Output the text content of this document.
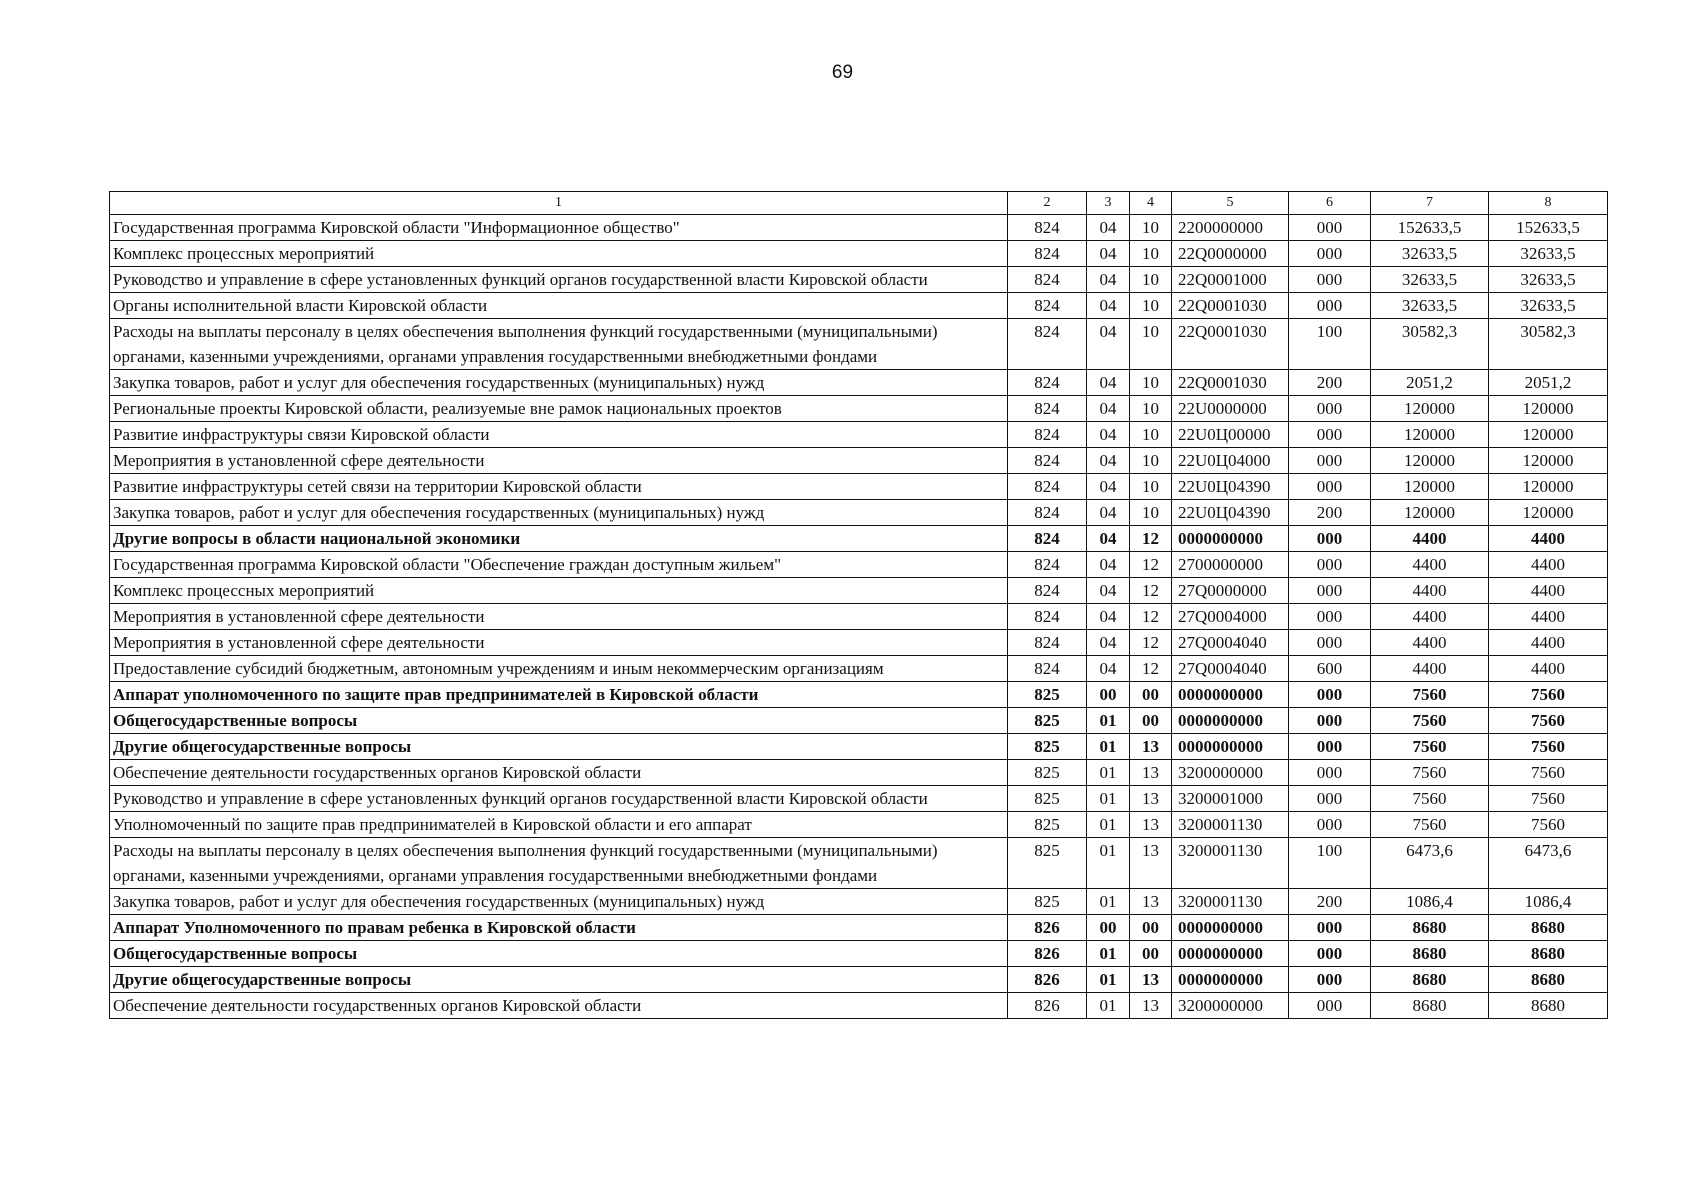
69
1	2	3	4	5	6	7	8
Государственная программа Кировской области "Информационное общество"	824	04	10	2200000000	000	152633,5	152633,5
Комплекс процессных мероприятий	824	04	10	22Q0000000	000	32633,5	32633,5
Руководство и управление в сфере установленных функций органов государственной власти Кировской области	824	04	10	22Q0001000	000	32633,5	32633,5
Органы исполнительной власти Кировской области	824	04	10	22Q0001030	000	32633,5	32633,5
Расходы на выплаты персоналу в целях обеспечения выполнения функций государственными (муниципальными) органами, казенными учреждениями, органами управления государственными внебюджетными фондами	824	04	10	22Q0001030	100	30582,3	30582,3
Закупка товаров, работ и услуг для обеспечения государственных (муниципальных) нужд	824	04	10	22Q0001030	200	2051,2	2051,2
Региональные проекты Кировской области, реализуемые вне рамок национальных проектов	824	04	10	22U0000000	000	120000	120000
Развитие инфраструктуры связи Кировской области	824	04	10	22U0Ц00000	000	120000	120000
Мероприятия в установленной сфере деятельности	824	04	10	22U0Ц04000	000	120000	120000
Развитие инфраструктуры сетей связи на территории Кировской области	824	04	10	22U0Ц04390	000	120000	120000
Закупка товаров, работ и услуг для обеспечения государственных (муниципальных) нужд	824	04	10	22U0Ц04390	200	120000	120000
Другие вопросы в области национальной экономики	824	04	12	0000000000	000	4400	4400
Государственная программа Кировской области "Обеспечение граждан доступным жильем"	824	04	12	2700000000	000	4400	4400
Комплекс процессных мероприятий	824	04	12	27Q0000000	000	4400	4400
Мероприятия в установленной сфере деятельности	824	04	12	27Q0004000	000	4400	4400
Мероприятия в установленной сфере деятельности	824	04	12	27Q0004040	000	4400	4400
Предоставление субсидий бюджетным, автономным учреждениям и иным некоммерческим организациям	824	04	12	27Q0004040	600	4400	4400
Аппарат уполномоченного по защите прав предпринимателей в Кировской области	825	00	00	0000000000	000	7560	7560
Общегосударственные вопросы	825	01	00	0000000000	000	7560	7560
Другие общегосударственные вопросы	825	01	13	0000000000	000	7560	7560
Обеспечение деятельности государственных органов Кировской области	825	01	13	3200000000	000	7560	7560
Руководство и управление в сфере установленных функций органов государственной власти Кировской области	825	01	13	3200001000	000	7560	7560
Уполномоченный по защите прав предпринимателей в Кировской области и его аппарат	825	01	13	3200001130	000	7560	7560
Расходы на выплаты персоналу в целях обеспечения выполнения функций государственными (муниципальными) органами, казенными учреждениями, органами управления государственными внебюджетными фондами	825	01	13	3200001130	100	6473,6	6473,6
Закупка товаров, работ и услуг для обеспечения государственных (муниципальных) нужд	825	01	13	3200001130	200	1086,4	1086,4
Аппарат Уполномоченного по правам ребенка в Кировской области	826	00	00	0000000000	000	8680	8680
Общегосударственные вопросы	826	01	00	0000000000	000	8680	8680
Другие общегосударственные вопросы	826	01	13	0000000000	000	8680	8680
Обеспечение деятельности государственных органов Кировской области	826	01	13	3200000000	000	8680	8680
